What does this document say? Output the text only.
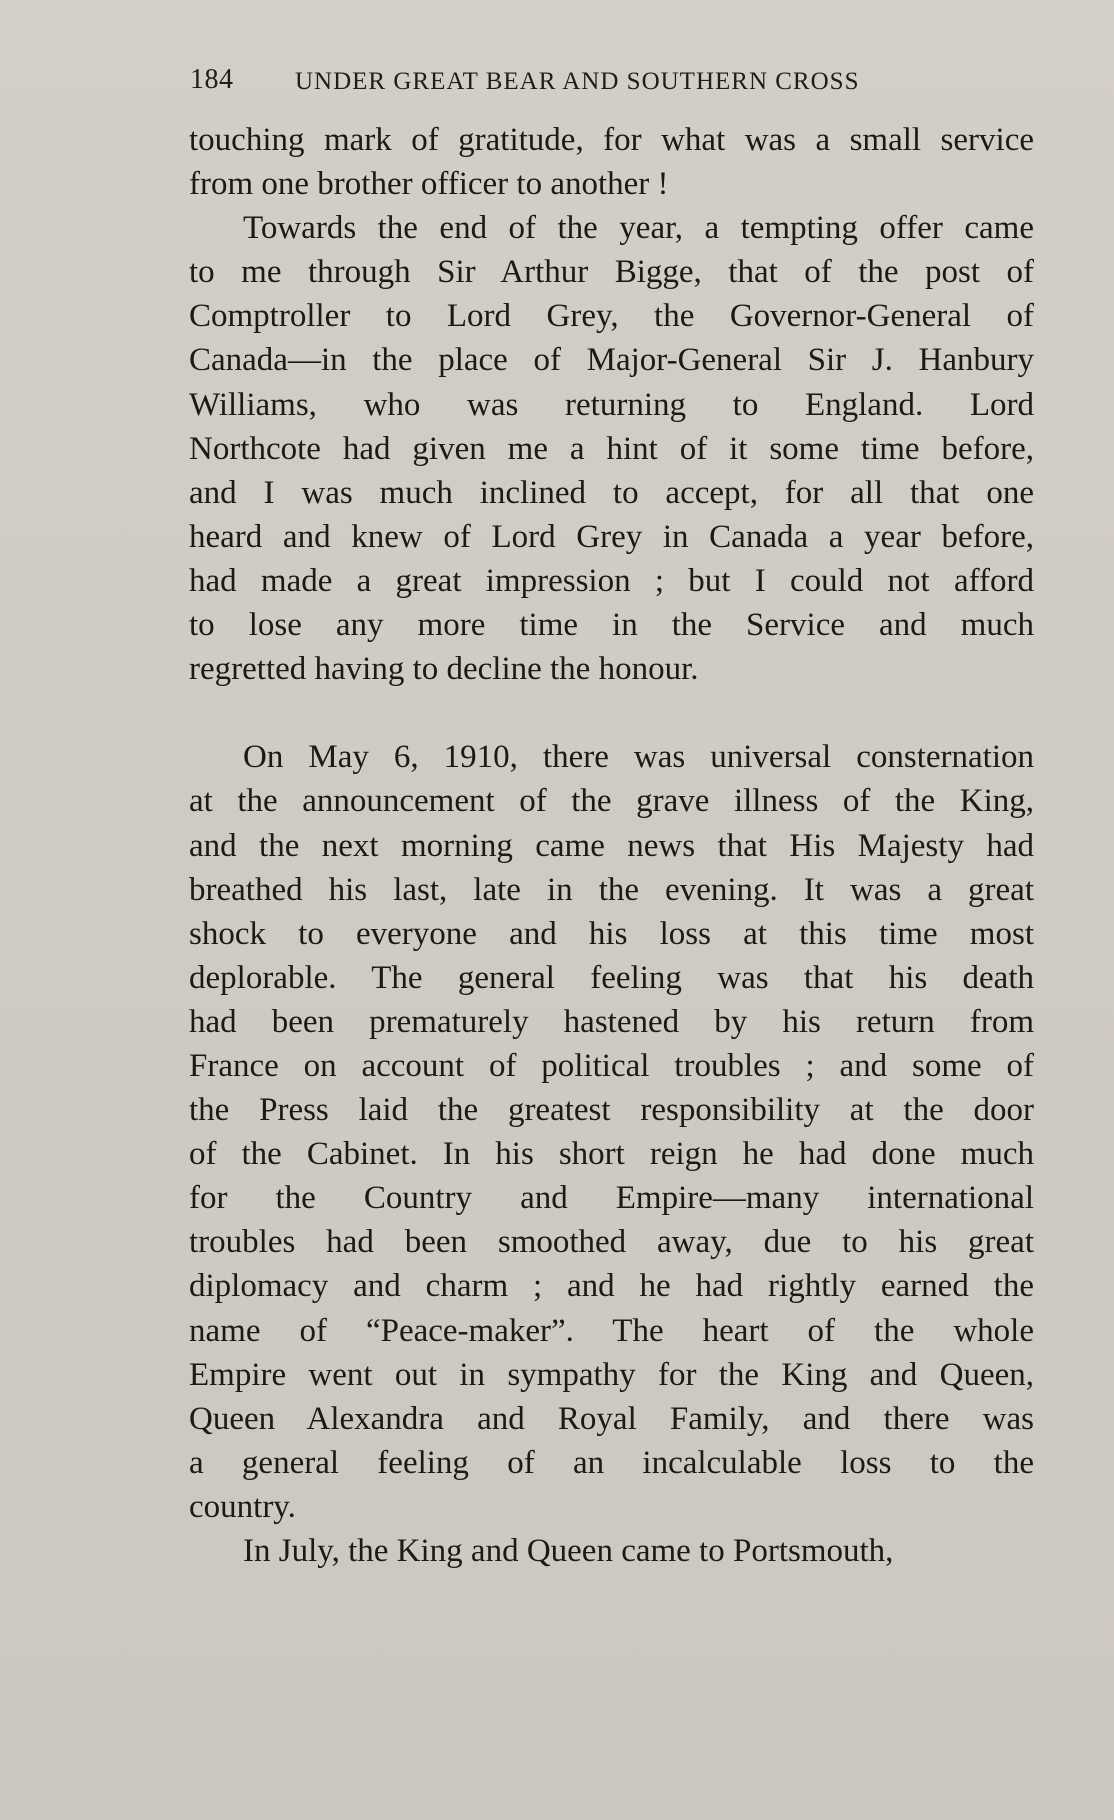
184 UNDER GREAT BEAR AND SOUTHERN CROSS
touching mark of gratitude, for what was a small service
from one brother officer to another !
Towards the end of the year, a tempting offer came
to me through Sir Arthur Bigge, that of the post of
Comptroller to Lord Grey, the Governor-General of
Canada—in the place of Major-General Sir J. Hanbury
Williams, who was returning to England. Lord
Northcote had given me a hint of it some time before,
and I was much inclined to accept, for all that one
heard and knew of Lord Grey in Canada a year before,
had made a great impression ; but I could not afford
to lose any more time in the Service and much
regretted having to decline the honour.
On May 6, 1910, there was universal consternation
at the announcement of the grave illness of the King,
and the next morning came news that His Majesty had
breathed his last, late in the evening. It was a great
shock to everyone and his loss at this time most
deplorable. The general feeling was that his death
had been prematurely hastened by his return from
France on account of political troubles ; and some of
the Press laid the greatest responsibility at the door
of the Cabinet. In his short reign he had done much
for the Country and Empire—many international
troubles had been smoothed away, due to his great
diplomacy and charm ; and he had rightly earned the
name of “Peace-maker”. The heart of the whole
Empire went out in sympathy for the King and Queen,
Queen Alexandra and Royal Family, and there was
a general feeling of an incalculable loss to the
country.
In July, the King and Queen came to Portsmouth,
